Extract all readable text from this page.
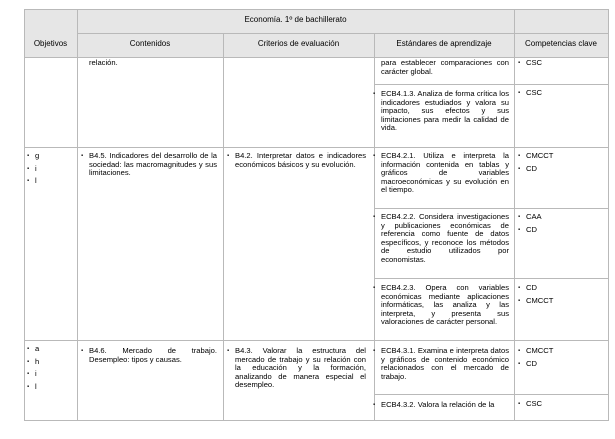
Economía. 1º de bachillerato
Objetivos	Contenidos	Criterios de evaluación	Estándares de aprendizaje	Competencias clave
relación.	para establecer comparaciones con carácter global.
▪ CSC
▪ ECB4.1.3. Analiza de forma crítica los indicadores estudiados y valora su impacto, sus efectos y sus limitaciones para medir la calidad de vida.
▪ CSC
▪ g
▪ i
▪ l
▪ B4.5. Indicadores del desarrollo de la sociedad: las macromagnitudes y sus limitaciones.
▪ B4.2. Interpretar datos e indicadores económicos básicos y su evolución.
▪ ECB4.2.1. Utiliza e interpreta la información contenida en tablas y gráficos de variables macroeconómicas y su evolución en el tiempo.
▪ CMCCT
▪ CD
▪ ECB4.2.2. Considera investigaciones y publicaciones económicas de referencia como fuente de datos específicos, y reconoce los métodos de estudio utilizados por economistas.
▪ CAA
▪ CD
▪ ECB4.2.3. Opera con variables económicas mediante aplicaciones informáticas, las analiza y las interpreta, y presenta sus valoraciones de carácter personal.
▪ CD
▪ CMCCT
▪ a
▪ h
▪ i
▪ l
▪ B4.6. Mercado de trabajo. Desempleo: tipos y causas.
▪ B4.3. Valorar la estructura del mercado de trabajo y su relación con la educación y la formación, analizando de manera especial el desempleo.
▪ ECB4.3.1. Examina e interpreta datos y gráficos de contenido económico relacionados con el mercado de trabajo.
▪ CMCCT
▪ CD
▪ ECB4.3.2. Valora la relación de la
▪	CSC
